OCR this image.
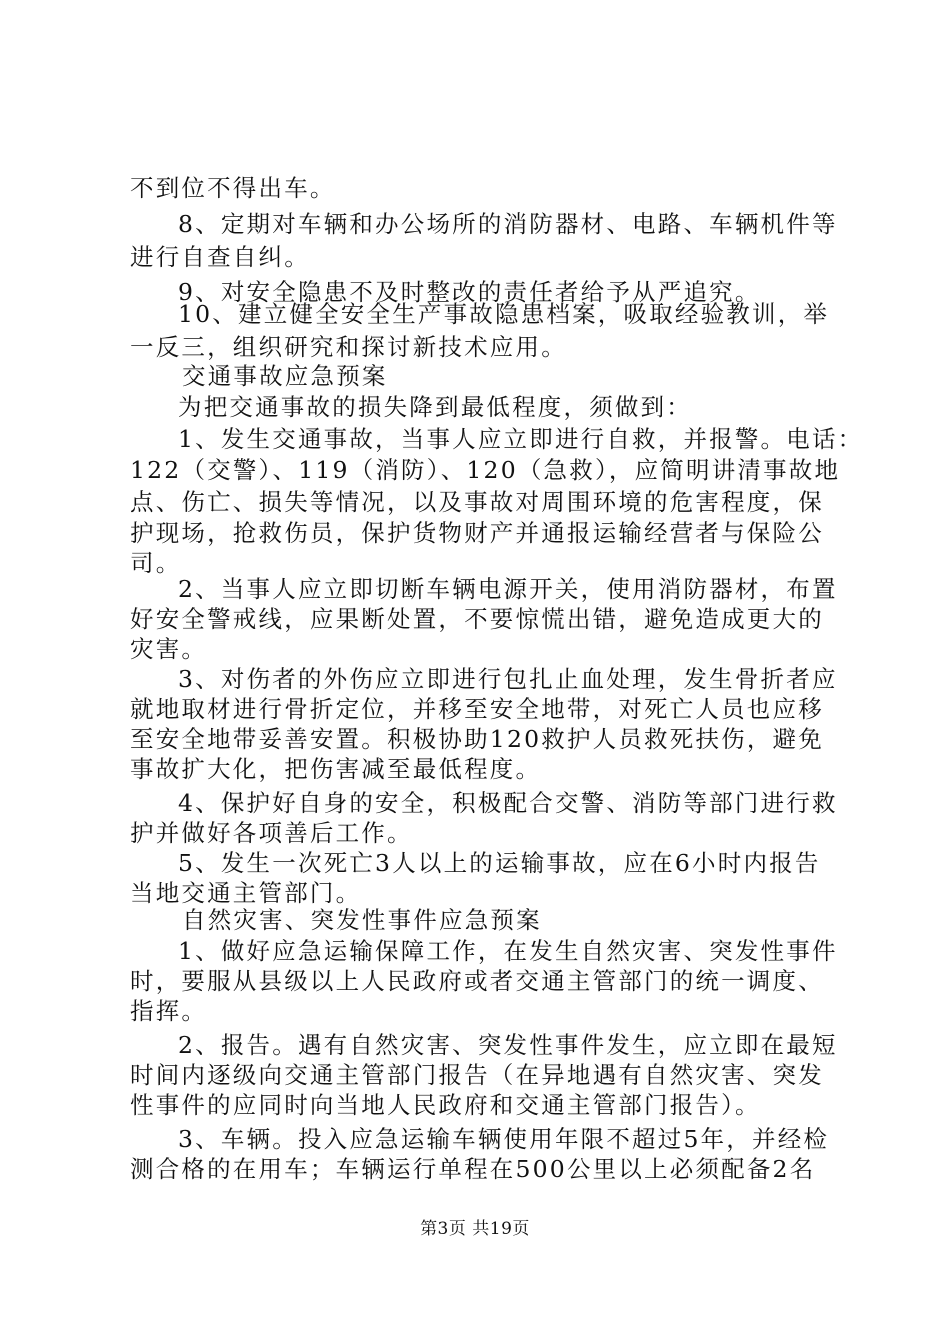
不到位不得出车。
8、定期对车辆和办公场所的消防器材、电路、车辆机件等
进行自查自纠。
9、对安全隐患不及时整改的责任者给予从严追究。
10、建立健全安全生产事故隐患档案，吸取经验教训，举
一反三，组织研究和探讨新技术应用。
交通事故应急预案
为把交通事故的损失降到最低程度，须做到：
1、发生交通事故，当事人应立即进行自救，并报警。电话：
122（交警）、119（消防）、120（急救），应简明讲清事故地
点、伤亡、损失等情况，以及事故对周围环境的危害程度，保
护现场，抢救伤员，保护货物财产并通报运输经营者与保险公
司。
2、当事人应立即切断车辆电源开关，使用消防器材，布置
好安全警戒线，应果断处置，不要惊慌出错，避免造成更大的
灾害。
3、对伤者的外伤应立即进行包扎止血处理，发生骨折者应
就地取材进行骨折定位，并移至安全地带，对死亡人员也应移
至安全地带妥善安置。积极协助120救护人员救死扶伤，避免
事故扩大化，把伤害减至最低程度。
4、保护好自身的安全，积极配合交警、消防等部门进行救
护并做好各项善后工作。
5、发生一次死亡3人以上的运输事故，应在6小时内报告
当地交通主管部门。
自然灾害、突发性事件应急预案
1、做好应急运输保障工作，在发生自然灾害、突发性事件
时，要服从县级以上人民政府或者交通主管部门的统一调度、
指挥。
2、报告。遇有自然灾害、突发性事件发生，应立即在最短
时间内逐级向交通主管部门报告（在异地遇有自然灾害、突发
性事件的应同时向当地人民政府和交通主管部门报告）。
3、车辆。投入应急运输车辆使用年限不超过5年，并经检
测合格的在用车；车辆运行单程在500公里以上必须配备2名
第3页 共19页
